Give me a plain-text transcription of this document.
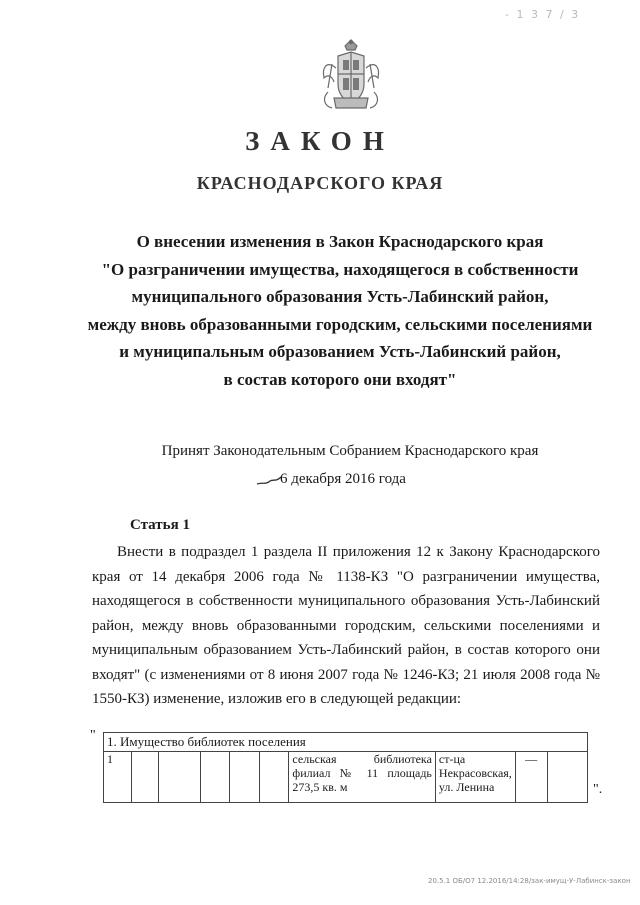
- 1 3 7 / 3
ЗАКОН
КРАСНОДАРСКОГО КРАЯ
О внесении изменения в Закон Краснодарского края
"О разграничении имущества, находящегося в собственности
муниципального образования Усть-Лабинский район,
между вновь образованными городским, сельскими поселениями
и муниципальным образованием Усть-Лабинский район,
в состав которого они входят"
Принят Законодательным Собранием Краснодарского края
6 декабря 2016 года
Статья 1

Внести в подраздел 1 раздела II приложения 12 к Закону Краснодарского края от 14 декабря 2006 года № 1138-КЗ "О разграничении имущества, находящегося в собственности муниципального образования Усть-Лабинский район, между вновь образованными городским, сельскими поселениями и муниципальным образованием Усть-Лабинский район, в состав которого они входят" (с изменениями от 8 июня 2007 года № 1246-КЗ; 21 июля 2008 года № 1550-КЗ) изменение, изложив его в следующей редакции:

" 1. Имущество библиотек поселения
1						сельская библиотека филиал № 11 площадь 273,5 кв. м	ст-ца Некрасовская, ул. Ленина	—	
".
20.5.1 ОБ/О7 12.2016/14:28/зак-имущ-У-Лабинск-закон
